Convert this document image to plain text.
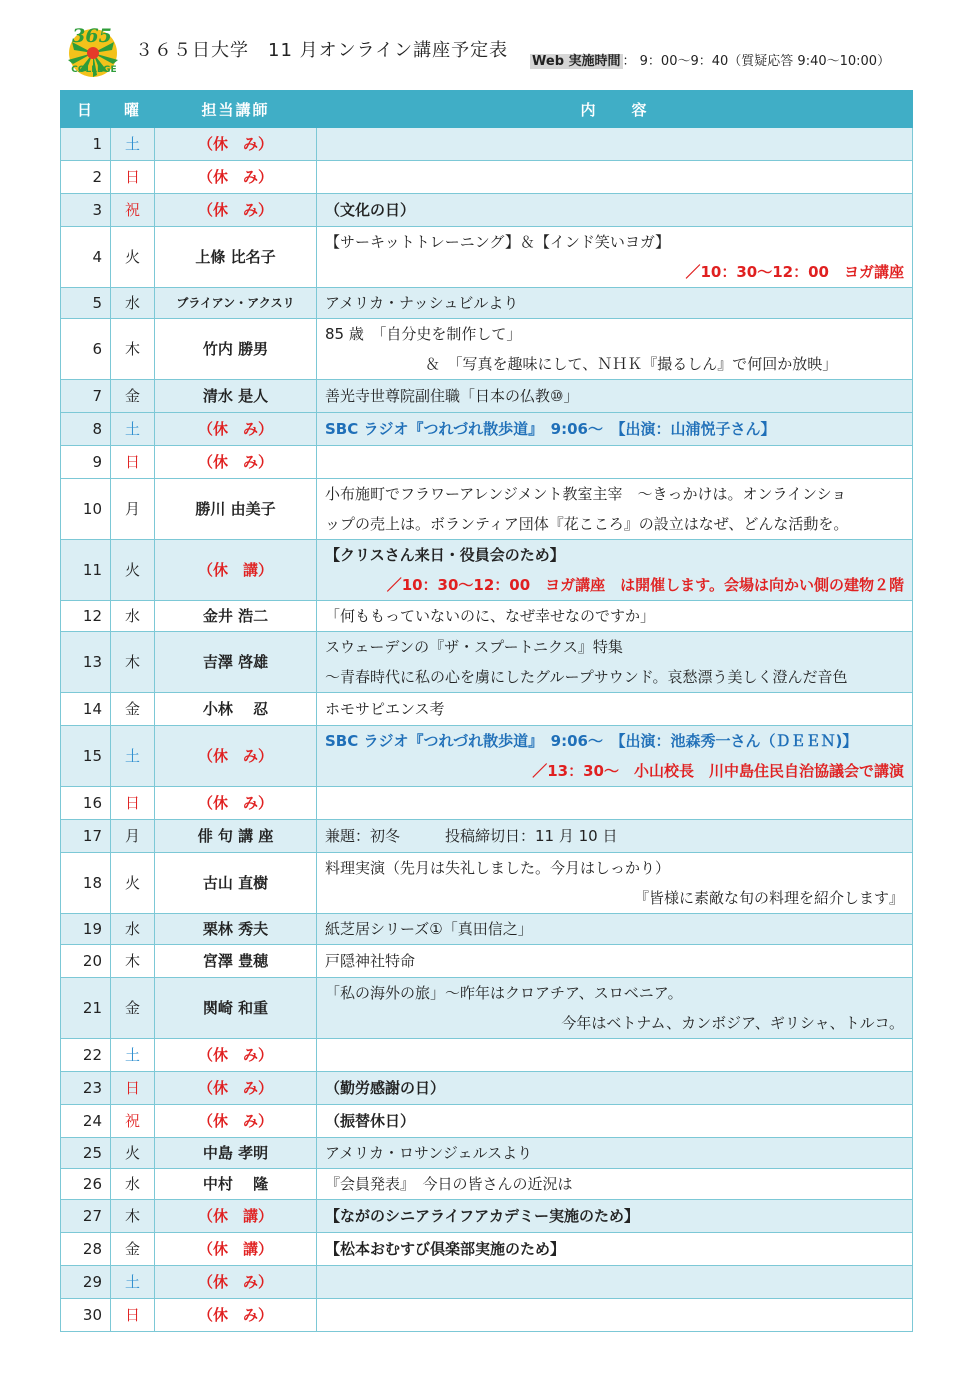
365
COLLEGE
３６５日大学　11 月オンライン講座予定表
Web 実施時間 ： 9：00〜9：40（質疑応答 9:40〜10:00）
日	曜	担当講師	内　　容
1	土	（休　み）	

2	日	（休　み）	

3	祝	（休　み）	（文化の日）

4	火	上條 比名子	【サーキットトレーニング】＆【インド笑いヨガ】
／10：30〜12：00　ヨガ講座

5	水	ブライアン・アクスリ	アメリカ・ナッシュビルより

6	木	竹内 勝男	85 歳　「自分史を制作して」
＆　「写真を趣味にして、ＮＨＫ『撮るしん』で何回か放映」

7	金	清水 是人	善光寺世尊院副住職「日本の仏教⑩」

8	土	（休　み）	SBC ラジオ『つれづれ散歩道』　9:06〜　【出演：山浦悦子さん】

9	日	（休　み）	

10	月	勝川 由美子	小布施町でフラワーアレンジメント教室主宰　〜きっかけは。オンラインショ
ップの売上は。ボランティア団体『花こころ』の設立はなぜ、どんな活動を。

11	火	（休　講）	【クリスさん来日・役員会のため】
／10：30〜12：00　ヨガ講座　は開催します。会場は向かい側の建物２階

12	水	金井 浩二	「何ももっていないのに、なぜ幸せなのですか」

13	木	吉澤 啓雄	スウェーデンの『ザ・スプートニクス』特集
〜青春時代に私の心を虜にしたグループサウンド。哀愁漂う美しく澄んだ音色

14	金	小林　 忍	ホモサピエンス考

15	土	（休　み）	SBC ラジオ『つれづれ散歩道』　9:06〜　【出演：池森秀一さん（ＤＥＥＮ)】
／13：30〜　小山校長　川中島住民自治協議会で講演

16	日	（休　み）	

17	月	俳 句 講 座	兼題：初冬　　　投稿締切日：11 月 10 日

18	火	古山 直樹	料理実演（先月は失礼しました。今月はしっかり）
『皆様に素敵な旬の料理を紹介します』

19	水	栗林 秀夫	紙芝居シリーズ①「真田信之」

20	木	宮澤 豊穂	戸隠神社特命

21	金	関崎 和重	「私の海外の旅」〜昨年はクロアチア、スロベニア。
今年はベトナム、カンボジア、ギリシャ、トルコ。

22	土	（休　み）	

23	日	（休　み）	（勤労感謝の日）

24	祝	（休　み）	（振替休日）

25	火	中島 孝明	アメリカ・ロサンジェルスより

26	水	中村　 隆	『会員発表』　今日の皆さんの近況は

27	木	（休　講）	【ながのシニアライフアカデミー実施のため】

28	金	（休　講）	【松本おむすび倶楽部実施のため】

29	土	（休　み）	

30	日	（休　み）	
